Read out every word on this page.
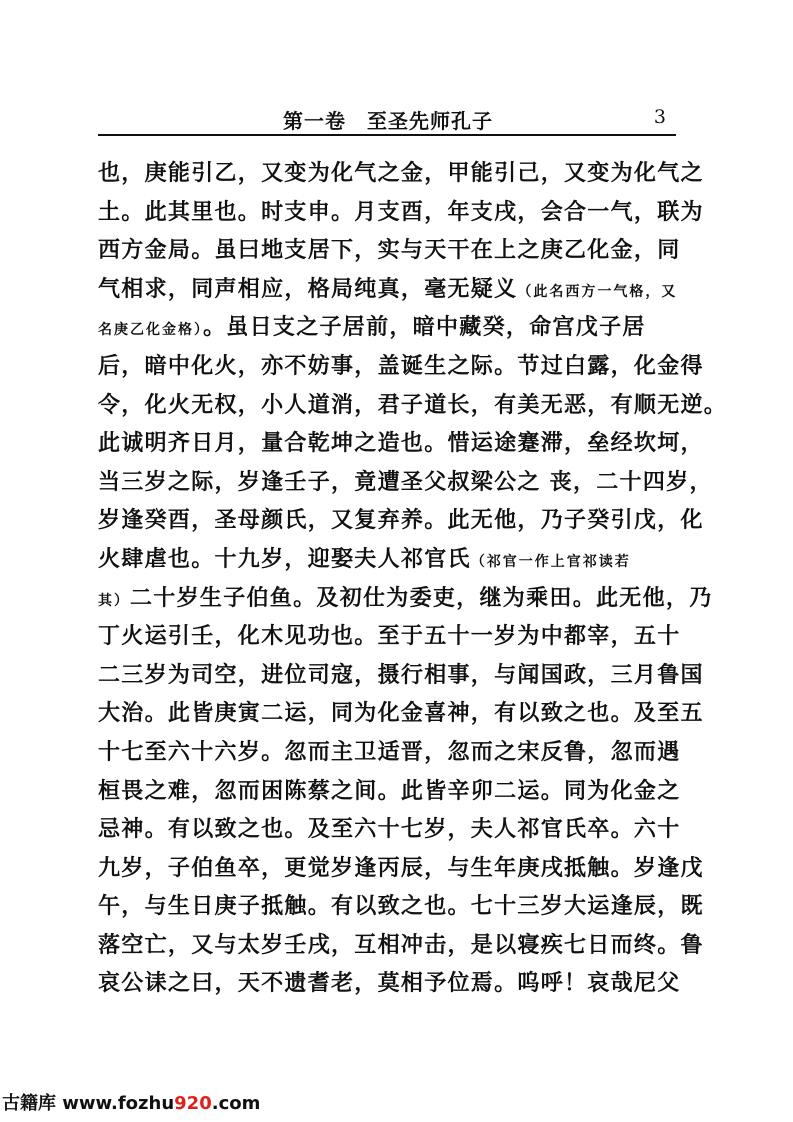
第一卷　至圣先师孔子	3
也，庚能引乙，又变为化气之金，甲能引己，又变为化气之
土。此其里也。时支申。月支酉，年支戌，会合一气，联为
西方金局。虽曰地支居下，实与天干在上之庚乙化金，同
气相求，同声相应，格局纯真，毫无疑义（此名西方一气格，又
名庚乙化金格）。虽日支之子居前，暗中藏癸，命宫戊子居
后，暗中化火，亦不妨事，盖诞生之际。节过白露，化金得
令，化火无权，小人道消，君子道长，有美无恶，有顺无逆。
此诚明齐日月，量合乾坤之造也。惜运途蹇滞，垒经坎坷，
当三岁之际，岁逢壬子，竟遭圣父叔梁公之 丧，二十四岁，
岁逢癸酉，圣母颜氏，又复弃养。此无他，乃子癸引戊，化
火肆虐也。十九岁，迎娶夫人祁官氏（祁官一作上官祁读若
其）二十岁生子伯鱼。及初仕为委吏，继为乘田。此无他，乃
丁火运引壬，化木见功也。至于五十一岁为中都宰，五十
二三岁为司空，进位司寇，摄行相事，与闻国政，三月鲁国
大治。此皆庚寅二运，同为化金喜神，有以致之也。及至五
十七至六十六岁。忽而主卫适晋，忽而之宋反鲁，忽而遇
桓畏之难，忽而困陈蔡之间。此皆辛卯二运。同为化金之
忌神。有以致之也。及至六十七岁，夫人祁官氏卒。六十
九岁，子伯鱼卒，更觉岁逢丙辰，与生年庚戌抵触。岁逢戊
午，与生日庚子抵触。有以致之也。七十三岁大运逢辰，既
落空亡，又与太岁壬戌，互相冲击，是以寝疾七日而终。鲁
哀公诔之曰，天不遗耆老，莫相予位焉。呜呼！哀哉尼父
古籍库 www.fozhu920.com
